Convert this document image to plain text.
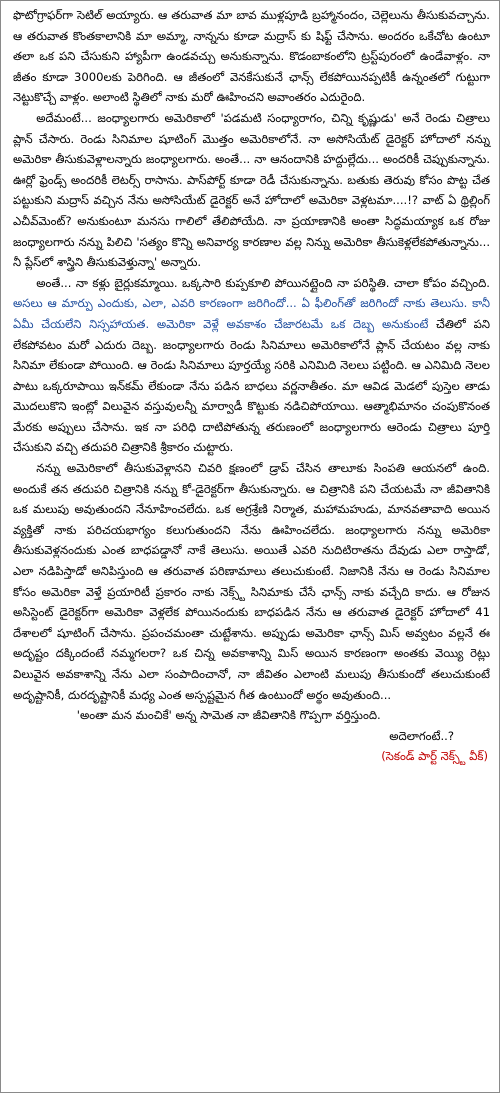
ఫొటోగ్రాఫర్‌గా సెటిల్ అయ్యారు. ఆ తరువాత మా బావ ముళ్లపూడి బ్రహ్మానందం, చెల్లెలును తీసుకువచ్చాను. ఆ తరువాత కొంతకాలానికి మా అమ్మా, నాన్నను కూడా మద్రాస్ కు షిఫ్ట్ చేసాను. అందరం ఒకేచోట ఉంటూ తలా ఒక పని చేసుకుని హ్యాపీగా ఉండవచ్చు అనుకున్నాను. కొడంబాకంలోని ట్రస్ట్‌పురంలో ఉండేవాళ్లం. నా జీతం కూడా 3000లకు పెరిగింది. ఆ జీతంలో వెనకేసుకునే ఛాన్స్ లేకపోయినప్పటికీ ఉన్నంతలో గుట్టుగా నెట్టుకొచ్చే వాళ్లం. అలాంటి స్థితిలో నాకు మరో ఊహించని అవాంతరం ఎదురైంది.

అదేమంటే... జంధ్యాలగారు అమెరికాలో 'పడమటి సంధ్యారాగం, చిన్ని కృష్ణుడు' అనే రెండు చిత్రాలు ప్లాన్ చేసారు. రెండు సినిమాల షూటింగ్ మొత్తం అమెరికాలోనే. నా అసోసియేట్ డైరెక్టర్ హోదాలో నన్ను అమెరికా తీసుకువెళ్లాలన్నారు జంధ్యాలగారు. అంతే... నా ఆనందానికి హద్దుల్లేదు... అందరికీ చెప్పుకున్నాను. ఊర్లో ఫ్రెండ్స్ అందరికీ లెటర్స్ రాసాను. పాస్‌పోర్ట్ కూడా రెడీ చేసుకున్నాను. బతుకు తెరువు కోసం పొట్ట చేత పట్టుకుని మద్రాస్ వచ్చిన నేను అసోసియేట్ డైరెక్టర్ అనే హోదాలో అమెరికా వెళ్లటమా....!? వాట్ ఏ థ్రిల్లింగ్ ఎచీవ్‌మెంట్? అనుకుంటూ మనసు గాలిలో తేలిపోయేది. నా ప్రయాణానికి అంతా సిద్ధమయ్యాక ఒక రోజు జంధ్యాలగారు నన్ను పిలిచి 'సత్యం కొన్ని అనివార్య కారణాల వల్ల నిన్ను అమెరికా తీసుకెళ్లలేకపోతున్నాను... నీ ప్లేస్‌లో శాస్త్రిని తీసుకువెళ్తున్నా' అన్నారు.

అంతే... నా కళ్లు బైర్లుకమ్మాయి. ఒక్కసారి కుప్పకూలి పోయినట్లైంది నా పరిస్థితి. చాలా కోపం వచ్చింది. అసలు ఆ మార్పు ఎందుకు, ఎలా, ఎవరి కారణంగా జరిగిందో... ఏ ఫీలింగ్‌తో జరిగిందో నాకు తెలుసు. కానీ ఏమీ చేయలేని నిస్సహాయత. అమెరికా వెళ్లే అవకాశం చేజారటమే ఒక దెబ్బ అనుకుంటే చేతిలో పని లేకపోవటం మరో ఎదురు దెబ్బ. జంధ్యాలగారు రెండు సినిమాలు అమెరికాలోనే ప్లాన్ చేయటం వల్ల నాకు సినిమా లేకుండా పోయింది. ఆ రెండు సినిమాలు పూర్తయ్యే సరికి ఎనిమిది నెలలు పట్టింది. ఆ ఎనిమిది నెలల పాటు ఒక్కరూపాయి ఇన్‌కమ్ లేకుండా నేను పడిన బాధలు వర్ణనాతీతం. మా ఆవిడ మెడలో పుస్తెల తాడు మొదలుకొని ఇంట్లో విలువైన వస్తువులన్నీ మార్వాడీ కొట్టుకు నడిచిపోయాయి. ఆత్మాభిమానం చంపుకొనంత మేరకు అప్పులు చేసాను. ఇక నా పరిధి దాటిపోతున్న తరుణంలో జంధ్యాలగారు ఆరెండు చిత్రాలు పూర్తి చేసుకుని వచ్చి తదుపరి చిత్రానికి శ్రీకారం చుట్టారు.

నన్ను అమెరికాలో తీసుకువెళ్లానని చివరి క్షణంలో డ్రాప్ చేసిన తాలూకు సింపతి ఆయనలో ఉంది. అందుకే తన తదుపరి చిత్రానికి నన్ను కో-డైరెక్టర్‌గా తీసుకున్నారు. ఆ చిత్రానికి పని చేయటమే నా జీవితానికి ఒక మలుపు అవుతుందని నేనూహించలేదు. ఒక అగ్రశ్రేణి నిర్మాత, మహామహుడు, మానవతావాది అయిన వ్యక్తితో నాకు పరిచయభాగ్యం కలుగుతుందని నేను ఊహించలేదు. జంధ్యాలగారు నన్ను అమెరికా తీసుకువెళ్లనందుకు ఎంత బాధపడ్డానో నాకే తెలుసు. అయితే ఎవరి నుదిటిరాతను దేవుడు ఎలా రాస్తాడో, ఎలా నడిపిస్తాడో అనిపిస్తుంది ఆ తరువాత పరిణామాలు తలుచుకుంటే. నిజానికి నేను ఆ రెండు సినిమాల కోసం అమెరికా వెళ్తే ప్రయారిటీ ప్రకారం నాకు నెక్స్ట్ సినిమాకు చేసే ఛాన్స్ నాకు వచ్చేది కాదు. ఆ రోజున అసిస్టెంట్ డైరెక్టర్‌గా అమెరికా వెళ్లలేక పోయినందుకు బాధపడిన నేను ఆ తరువాత డైరెక్టర్ హోదాలో 41 దేశాలలో షూటింగ్ చేసాను. ప్రపంచమంతా చుట్టేశాను. అప్పుడు అమెరికా ఛాన్స్ మిస్ అవ్వటం వల్లనే ఈ అదృష్టం దక్కిందంటే నమ్మగలరా? ఒక చిన్న అవకాశాన్ని మిస్ అయిన కారణంగా అంతకు వెయ్యి రెట్లు విలువైన అవకాశాన్ని నేను ఎలా సంపాదించానో, నా జీవితం ఎలాంటి మలుపు తీసుకుందో తలుచుకుంటే అదృష్టానికీ, దురదృష్టానికీ మధ్య ఎంత అస్పష్టమైన గీత ఉంటుందో అర్థం అవుతుంది...

'అంతా మన మంచికే' అన్న సామెత నా జీవితానికి గొప్పగా వర్తిస్తుంది.

అదెలాగంటే..?

(సెకండ్ పార్ట్ నెక్స్ట్ వీక్)
